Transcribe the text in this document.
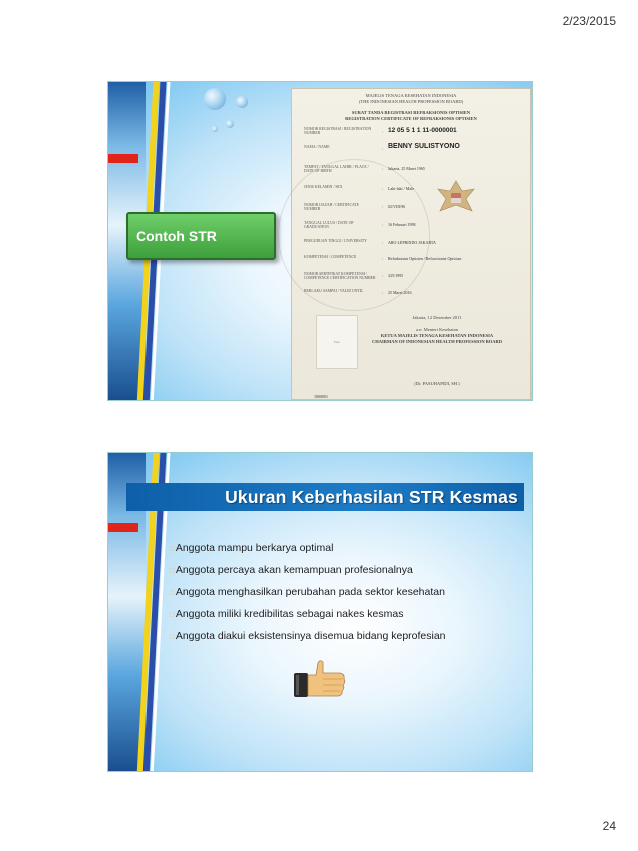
2/23/2015
Contoh STR
MAJELIS TENAGA KESEHATAN INDONESIA
(THE INDONESIAN HEALTH PROFESSION BOARD)
SURAT TANDA REGISTRASI REFRAKSIONIS OPTISIEN
REGISTRATION CERTIFICATE OF REFRAKSIONIS OPTISIEN
NOMOR REGISTRASI / REGISTRATION NUMBER	: 12 05 5 1 1 11-0000001
NAMA / NAME	: BENNY SULISTYONO
TEMPAT / TANGGAL LAHIR / PLACE / DATE OF BIRTH	: Jakarta, 25 Maret 1965
JENIS KELAMIN / SEX	: Laki-laki / Male
NOMOR IJAZAH / CERTIFICATE NUMBER	: 02/VIII/96
TANGGAL LULUS / DATE OF GRADUATION	: 16 Februari 1998
PERGURUAN TINGGI / UNIVERSITY	: ARO LEPRINDO JAKARTA
KOMPETENSI / COMPETENCE	: Refraksionis Optisien / Refractionist Optician
NOMOR SERTIFIKAT KOMPETENSI / COMPETENCE CERTIFICATION NUMBER : 325/1995
BERLAKU SAMPAI / VALID UNTIL	: 25 Maret 2016
Jakarta, 12 Desember 2011
a.n. Menteri Kesehatan
KETUA MAJELIS TENAGA KESEHATAN INDONESIA
CHAIRMAN OF INDONESIAN HEALTH PROFESSION BOARD
(Dr. PASUHAPIDI, SH.)
Foto
1000001
Ukuran Keberhasilan STR Kesmas
□ Anggota mampu berkarya optimal
□ Anggota percaya akan kemampuan profesionalnya
□ Anggota menghasilkan perubahan pada sektor kesehatan
□ Anggota miliki kredibilitas sebagai nakes kesmas
□ Anggota diakui eksistensinya disemua bidang keprofesian
24
